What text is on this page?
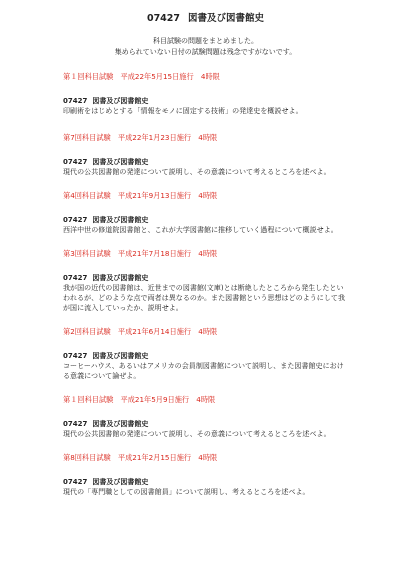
07427 図書及び図書館史
科目試験の問題をまとめました。
集められていない日付の試験問題は残念ですがないです。
第１回科目試験　平成22年5月15日施行　4時限
07427 図書及び図書館史

印刷術をはじめとする「情報をモノに固定する技術」の発達史を概説せよ。

第7回科目試験　平成22年1月23日施行　4時限
07427 図書及び図書館史

現代の公共図書館の発達について説明し、その意義について考えるところを述べよ。

第4回科目試験　平成21年9月13日施行　4時限
07427 図書及び図書館史

西洋中世の修道院図書館と、これが大学図書館に推移していく過程について概説せよ。

第3回科目試験　平成21年7月18日施行　4時限
07427 図書及び図書館史

我が国の近代の図書館は、近世までの図書館(文庫)とは断絶したところから発生したといわれるが、どのような点で両者は異なるのか。また図書館という思想はどのようにして我が国に流入していったか、説明せよ。

第2回科目試験　平成21年6月14日施行　4時限
07427 図書及び図書館史

コーヒーハウス、あるいはアメリカの会員制図書館について説明し、また図書館史における意義について論ぜよ。

第１回科目試験　平成21年5月9日施行　4時限
07427 図書及び図書館史

現代の公共図書館の発達について説明し、その意義について考えるところを述べよ。

第8回科目試験　平成21年2月15日施行　4時限
07427 図書及び図書館史

現代の「専門職としての図書館員」について説明し、考えるところを述べよ。
